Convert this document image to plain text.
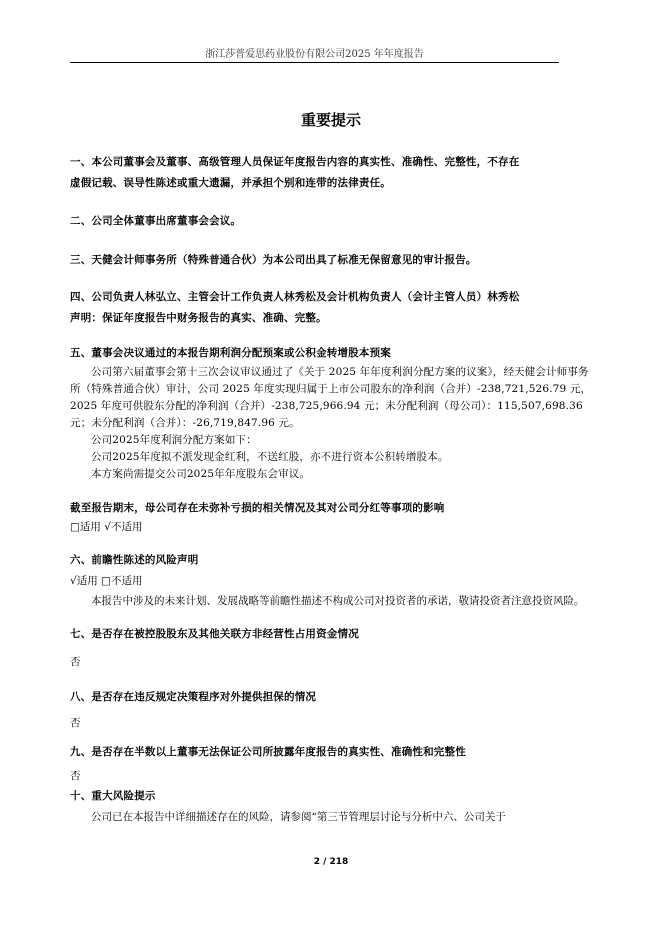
浙江莎普爱思药业股份有限公司2025 年年度报告
重要提示

一、本公司董事会及董事、高级管理人员保证年度报告内容的真实性、准确性、完整性，不存在

虚假记载、误导性陈述或重大遗漏，并承担个别和连带的法律责任。

二、公司全体董事出席董事会会议。

三、天健会计师事务所（特殊普通合伙）为本公司出具了标准无保留意见的审计报告。

四、公司负责人林弘立、主管会计工作负责人林秀松及会计机构负责人（会计主管人员）林秀松

声明：保证年度报告中财务报告的真实、准确、完整。

五、董事会决议通过的本报告期利润分配预案或公积金转增股本预案

公司第六届董事会第十三次会议审议通过了《关于 2025 年年度利润分配方案的议案》，经天健会计师事务所（特殊普通合伙）审计，公司 2025 年度实现归属于上市公司股东的净利润（合并）-238,721,526.79 元，2025 年度可供股东分配的净利润（合并）-238,725,966.94 元；未分配利润（母公司）：115,507,698.36 元；未分配利润（合并）：-26,719,847.96 元。

公司2025年度利润分配方案如下：

公司2025年度拟不派发现金红利，不送红股，亦不进行资本公积转增股本。

本方案尚需提交公司2025年年度股东会审议。

截至报告期末，母公司存在未弥补亏损的相关情况及其对公司分红等事项的影响

□适用 √不适用

六、前瞻性陈述的风险声明

√适用 □不适用

本报告中涉及的未来计划、发展战略等前瞻性描述不构成公司对投资者的承诺，敬请投资者注意投资风险。

七、是否存在被控股股东及其他关联方非经营性占用资金情况

否

八、是否存在违反规定决策程序对外提供担保的情况

否

九、是否存在半数以上董事无法保证公司所披露年度报告的真实性、准确性和完整性

否

十、重大风险提示

公司已在本报告中详细描述存在的风险，请参阅“第三节管理层讨论与分析中六、公司关于

2 / 218
